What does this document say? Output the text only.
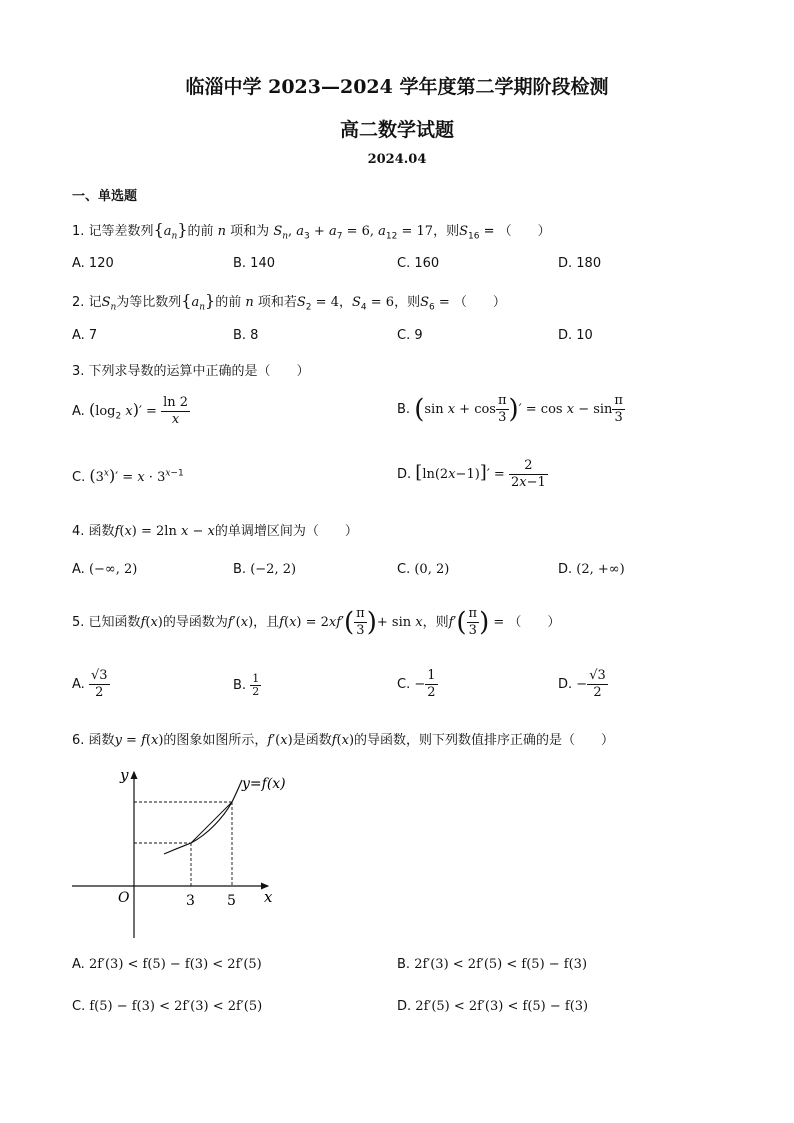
临淄中学 2023—2024 学年度第二学期阶段检测
高二数学试题
2024.04
一、单选题
1. 记等差数列$\{a_n\}$的前 n 项和为 $S_n$, $a_3 + a_7 = 6$, $a_{12} = 17$，则$S_{16}$ = （　　）
A. 120	B. 140	C. 160	D. 180
2. 记$S_n$为等比数列$\{a_n\}$的前 n 项和若$S_2 = 4$，$S_4 = 6$，则$S_6$ = （　　）
A. 7	B. 8	C. 9	D. 10
3. 下列求导数的运算中正确的是（　　）
A. ($\log_2$ $x)' = \frac{\ln 2}{x}$	B. (sin $x + \cos \frac{\pi}{3}$ )′ = $\cos x - \sin \frac{\pi}{3}$
C. $(3^x)' = x \cdot 3^{x-1}$	D. $[\ln(2x-1)]' = \frac{2}{2x-1}$
4. 函数f(x) = 2ln x − x的单调增区间为（　　）
A. (−∞, 2)	B. (−2, 2)	C. (0, 2)	D. (2, +∞)
5. 已知函数f(x)的导函数为f′(x)，且$f(x) = 2xf'( \frac{\pi}{3}$ )+ sin x，则$f'( \frac{\pi}{3}$ ) = （　　）
A. $\frac{√3}{2}$	B. $\frac{1}{2}$	C. − $\frac{1}{2}$	D. − $\frac{√3}{2}$
6. 函数y = f(x)的图象如图所示，f′(x)是函数f(x)的导函数，则下列数值排序正确的是（　　）
y
x
O	3 5
y=f(x)
A. 2f′(3) < f(5) − f(3) < 2f′(5)	B. 2f′(3) < 2f′(5) < f(5) − f(3)
C. f(5) − f(3) < 2f′(3) < 2f′(5)	D. 2f′(5) < 2f′(3) < f(5) − f(3)
